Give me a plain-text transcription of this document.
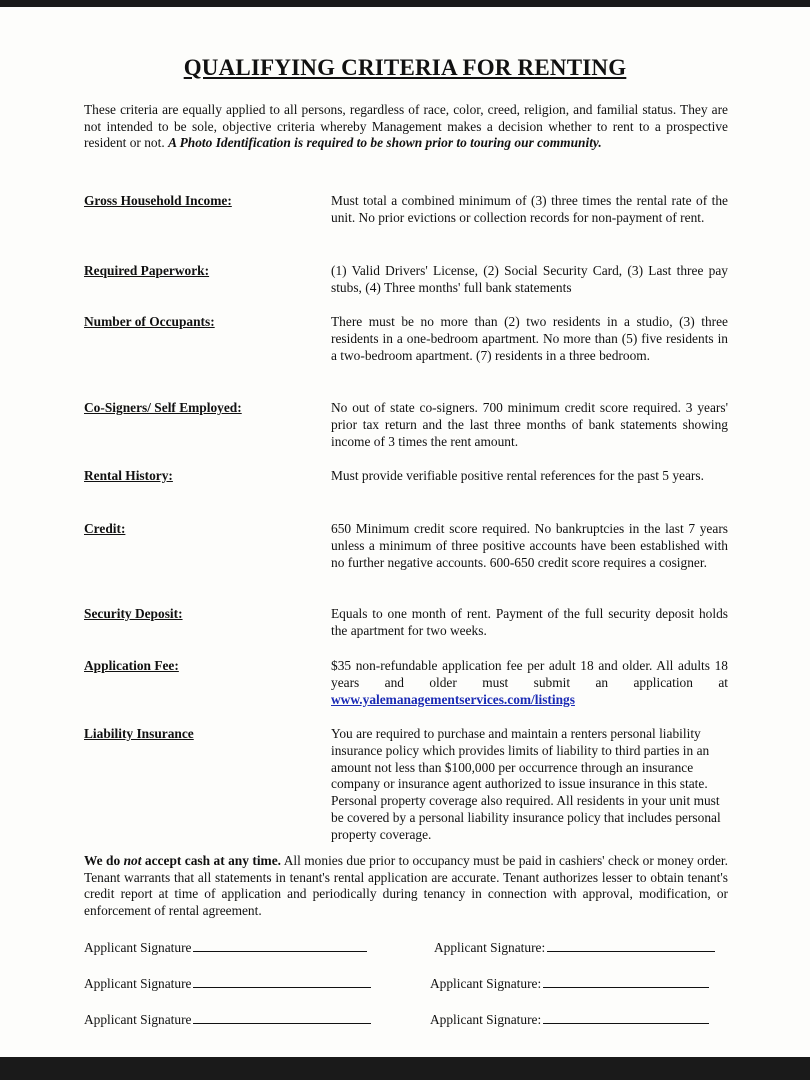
QUALIFYING CRITERIA FOR RENTING
These criteria are equally applied to all persons, regardless of race, color, creed, religion, and familial status. They are not intended to be sole, objective criteria whereby Management makes a decision whether to rent to a prospective resident or not. A Photo Identification is required to be shown prior to touring our community.
Gross Household Income:	Must total a combined minimum of (3) three times the rental rate of the unit. No prior evictions or collection records for non-payment of rent.
Required Paperwork:	(1) Valid Drivers' License, (2) Social Security Card, (3) Last three pay stubs, (4) Three months' full bank statements
Number of Occupants:	There must be no more than (2) two residents in a studio, (3) three residents in a one-bedroom apartment. No more than (5) five residents in a two-bedroom apartment. (7) residents in a three bedroom.
Co-Signers/ Self Employed:	No out of state co-signers. 700 minimum credit score required. 3 years' prior tax return and the last three months of bank statements showing income of 3 times the rent amount.
Rental History:	Must provide verifiable positive rental references for the past 5 years.
Credit:	650 Minimum credit score required. No bankruptcies in the last 7 years unless a minimum of three positive accounts have been established with no further negative accounts. 600-650 credit score requires a cosigner.
Security Deposit:	Equals to one month of rent. Payment of the full security deposit holds the apartment for two weeks.
Application Fee:	$35 non-refundable application fee per adult 18 and older. All adults 18 years and older must submit an application at www.yalemanagementservices.com/listings
Liability Insurance	You are required to purchase and maintain a renters personal liability insurance policy which provides limits of liability to third parties in an amount not less than $100,000 per occurrence through an insurance company or insurance agent authorized to issue insurance in this state. Personal property coverage also required. All residents in your unit must be covered by a personal liability insurance policy that includes personal property coverage.
We do not accept cash at any time. All monies due prior to occupancy must be paid in cashiers' check or money order. Tenant warrants that all statements in tenant's rental application are accurate. Tenant authorizes lesser to obtain tenant's credit report at time of application and periodically during tenancy in connection with approval, modification, or enforcement of rental agreement.
Applicant Signature	Applicant Signature:
Applicant Signature	Applicant Signature:
Applicant Signature	Applicant Signature:
